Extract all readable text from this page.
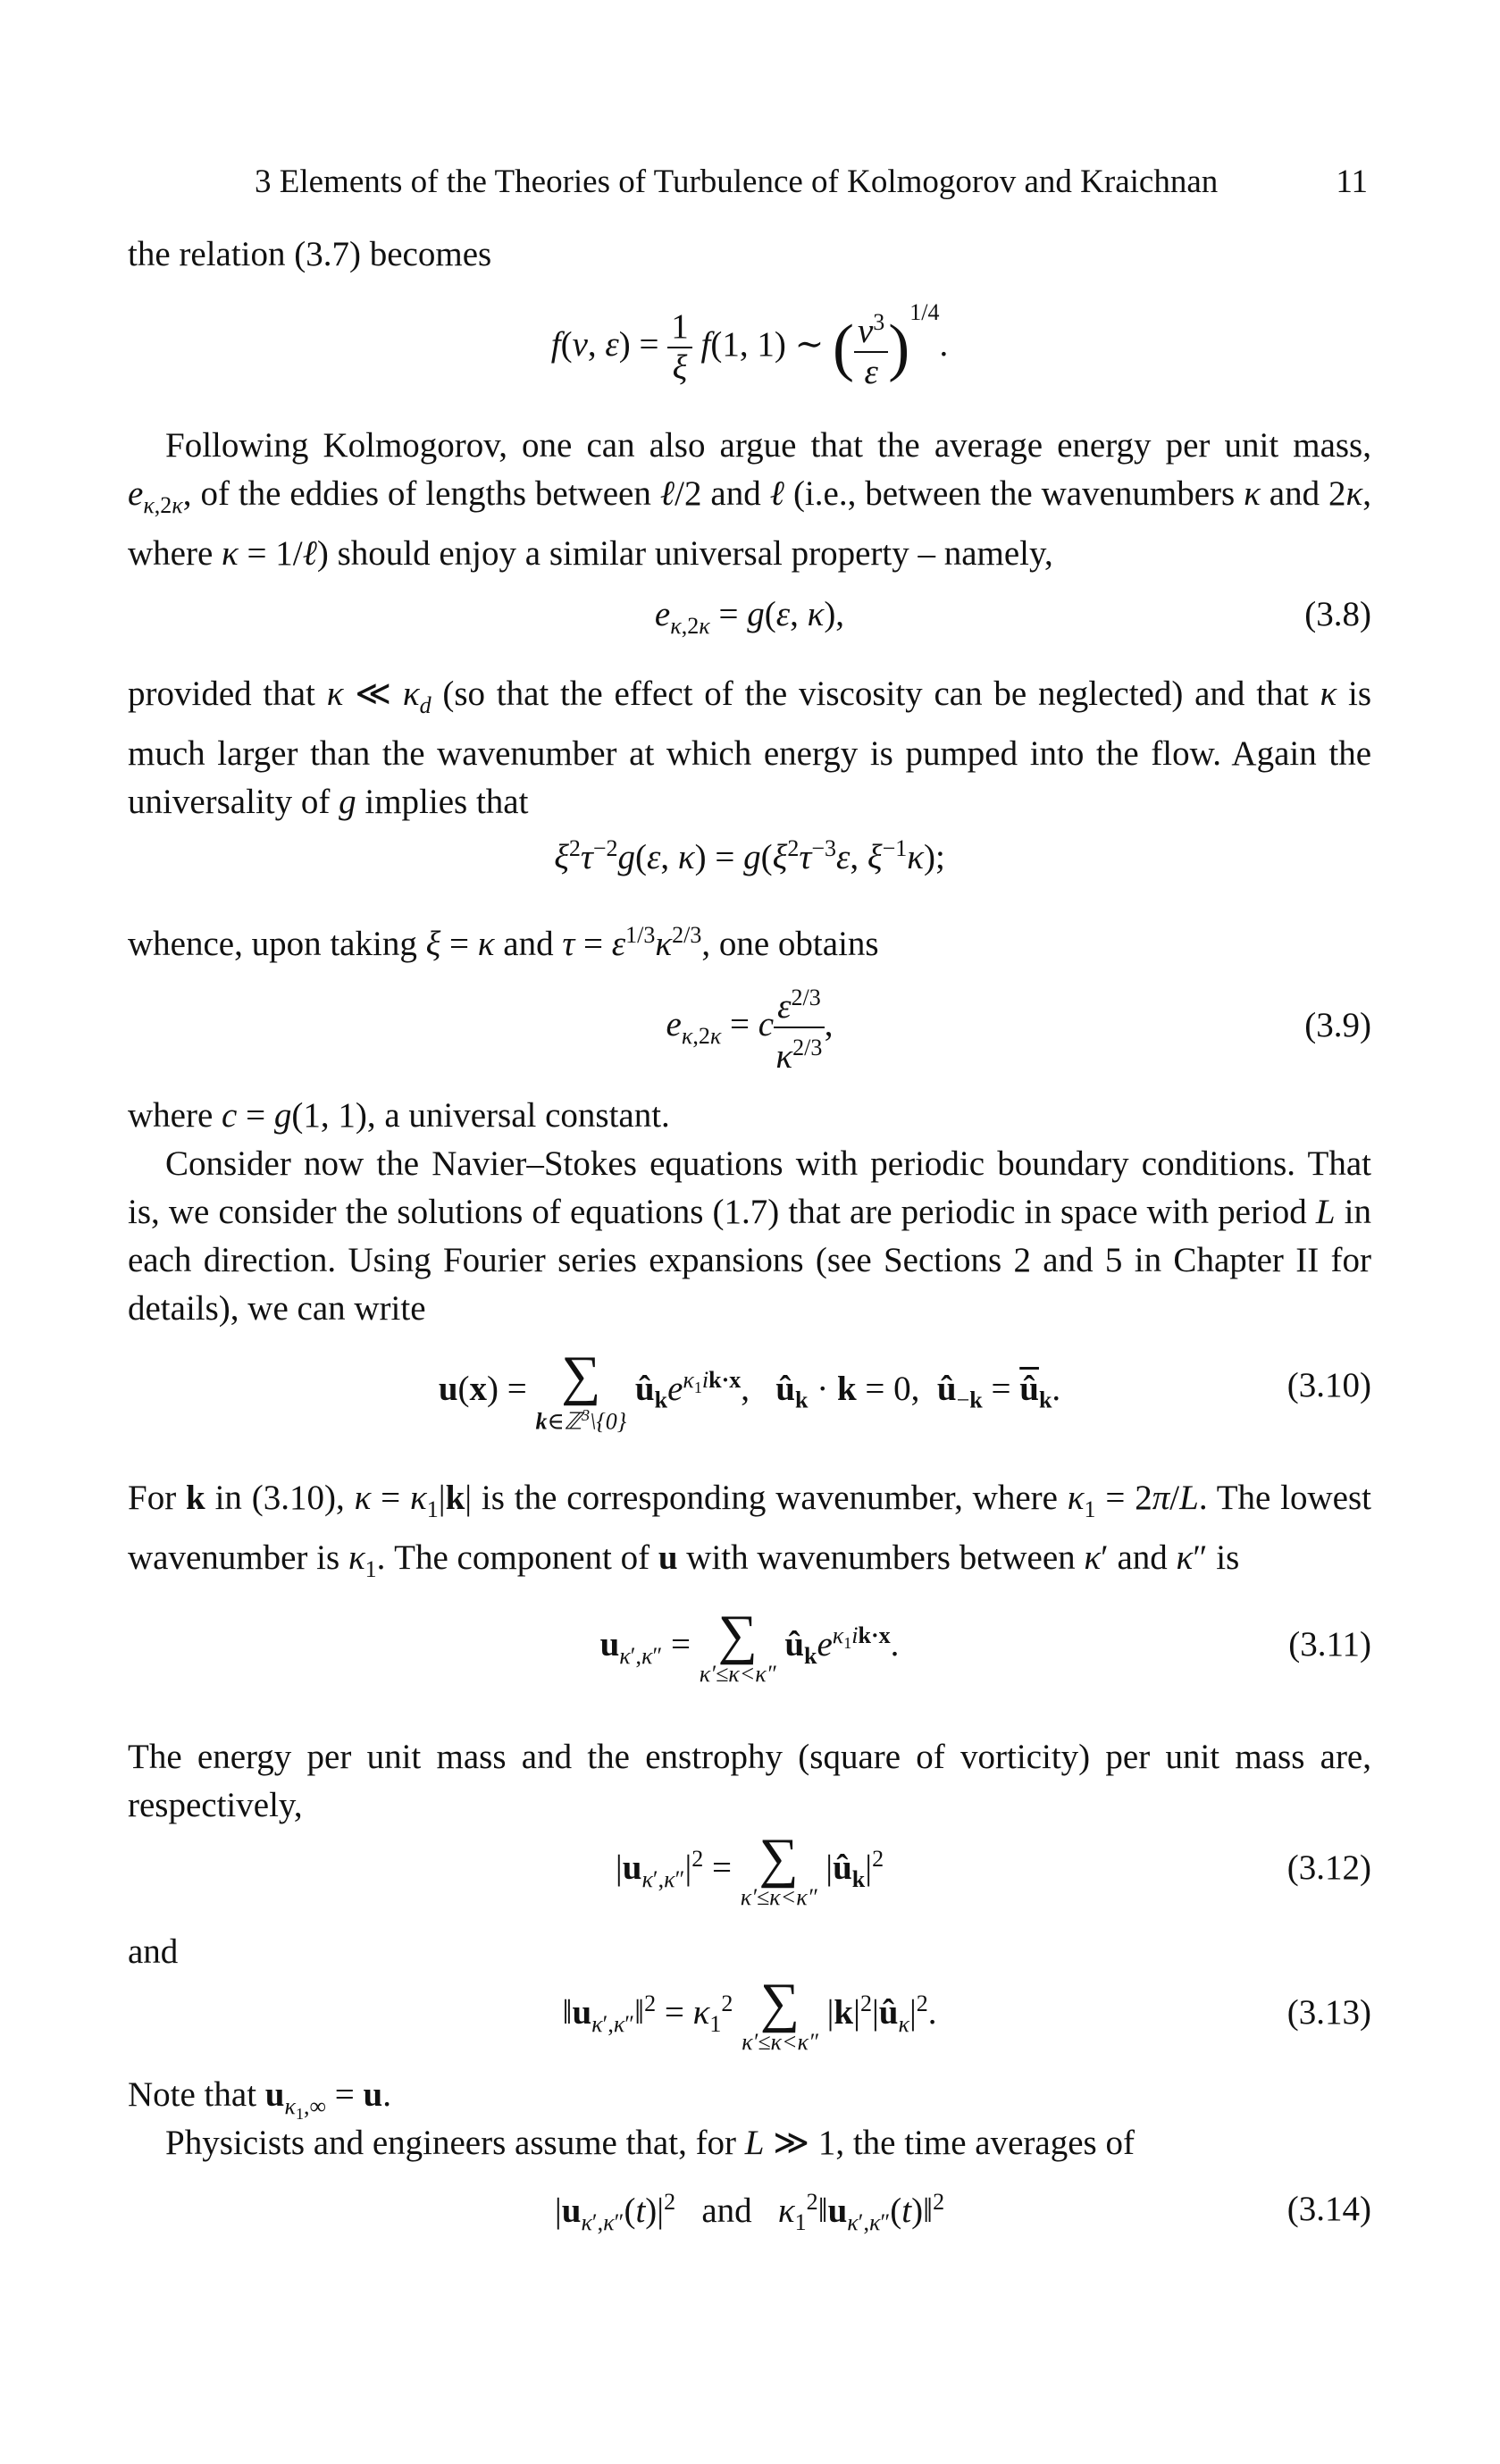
3 Elements of the Theories of Turbulence of Kolmogorov and Kraichnan	11

the relation (3.7) becomes

f(ν, $\varepsilon) = \frac{1}{\xi} f(1$, 1) ∼ ( $\frac{\nu^3}{\varepsilon} )^{1/4}$.

Following Kolmogorov, one can also argue that the average energy per unit mass, $e_{\kappa,2\kappa}$, of the eddies of lengths between ℓ/2 and ℓ (i.e., between the wavenumbers κ and 2κ, where κ = 1/ℓ) should enjoy a similar universal property – namely,

$e_{\kappa,2\kappa} = g(\varepsilon$, κ),	(3.8)

provided that κ ≪ $\kappa_d$ (so that the effect of the viscosity can be neglected) and that κ is much larger than the wavenumber at which energy is pumped into the flow. Again the universality of g implies that

$\xi^2\tau^{-2}g(\varepsilon$, $\kappa) = g(\xi^2\tau^{-3}\varepsilon$, $\xi^{-1}\kappa$);

whence, upon taking ξ = κ and $\tau = \varepsilon^{1/3}\kappa^{2/3}$, one obtains

$e_{\kappa,2\kappa} = c \frac{\varepsilon^{2/3}}{\kappa^{2/3}}$ ,	(3.9)

where c = g(1, 1), a universal constant.

Consider now the Navier–Stokes equations with periodic boundary conditions. That is, we consider the solutions of equations (1.7) that are periodic in space with period L in each direction. Using Fourier series expansions (see Sections 2 and 5 in Chapter II for details), we can write

u(x) = ∑
k∈ℤ$^3$\{0}
$û_ke^{\kappa_1ik\cdot x}$,   $û_k \cdot k = 0$,  $û_{-k} = \overline{û}_k$.	(3.10)

For k in (3.10), $\kappa = \kappa_1|k|$ is the corresponding wavenumber, where $\kappa_1 = 2\pi/L$. The lowest wavenumber is $\kappa_1$. The component of u with wavenumbers between κ′ and κ″ is

$u_{\kappa',\kappa''}$ = ∑
κ′≤κ<κ″
$û_ke^{\kappa_1ik\cdot x}$.	(3.11)

The energy per unit mass and the enstrophy (square of vorticity) per unit mass are, respectively,

$|u_{\kappa',\kappa''}|^2$ = ∑
κ′≤κ<κ″
$|û_k|^2$	(3.12)

and

$‖u_{\kappa',\kappa''}‖^2 = \kappa_1^2$ ∑
κ′≤κ<κ″
$|k|^2|û_\kappa|^2$.	(3.13)

Note that $u_{\kappa_1,\infty} = u$.

Physicists and engineers assume that, for L ≫ 1, the time averages of

$|u_{\kappa',\kappa''}(t)|^2$   and   $\kappa_1^2‖u_{\kappa',\kappa''}(t)‖^2$	(3.14)
